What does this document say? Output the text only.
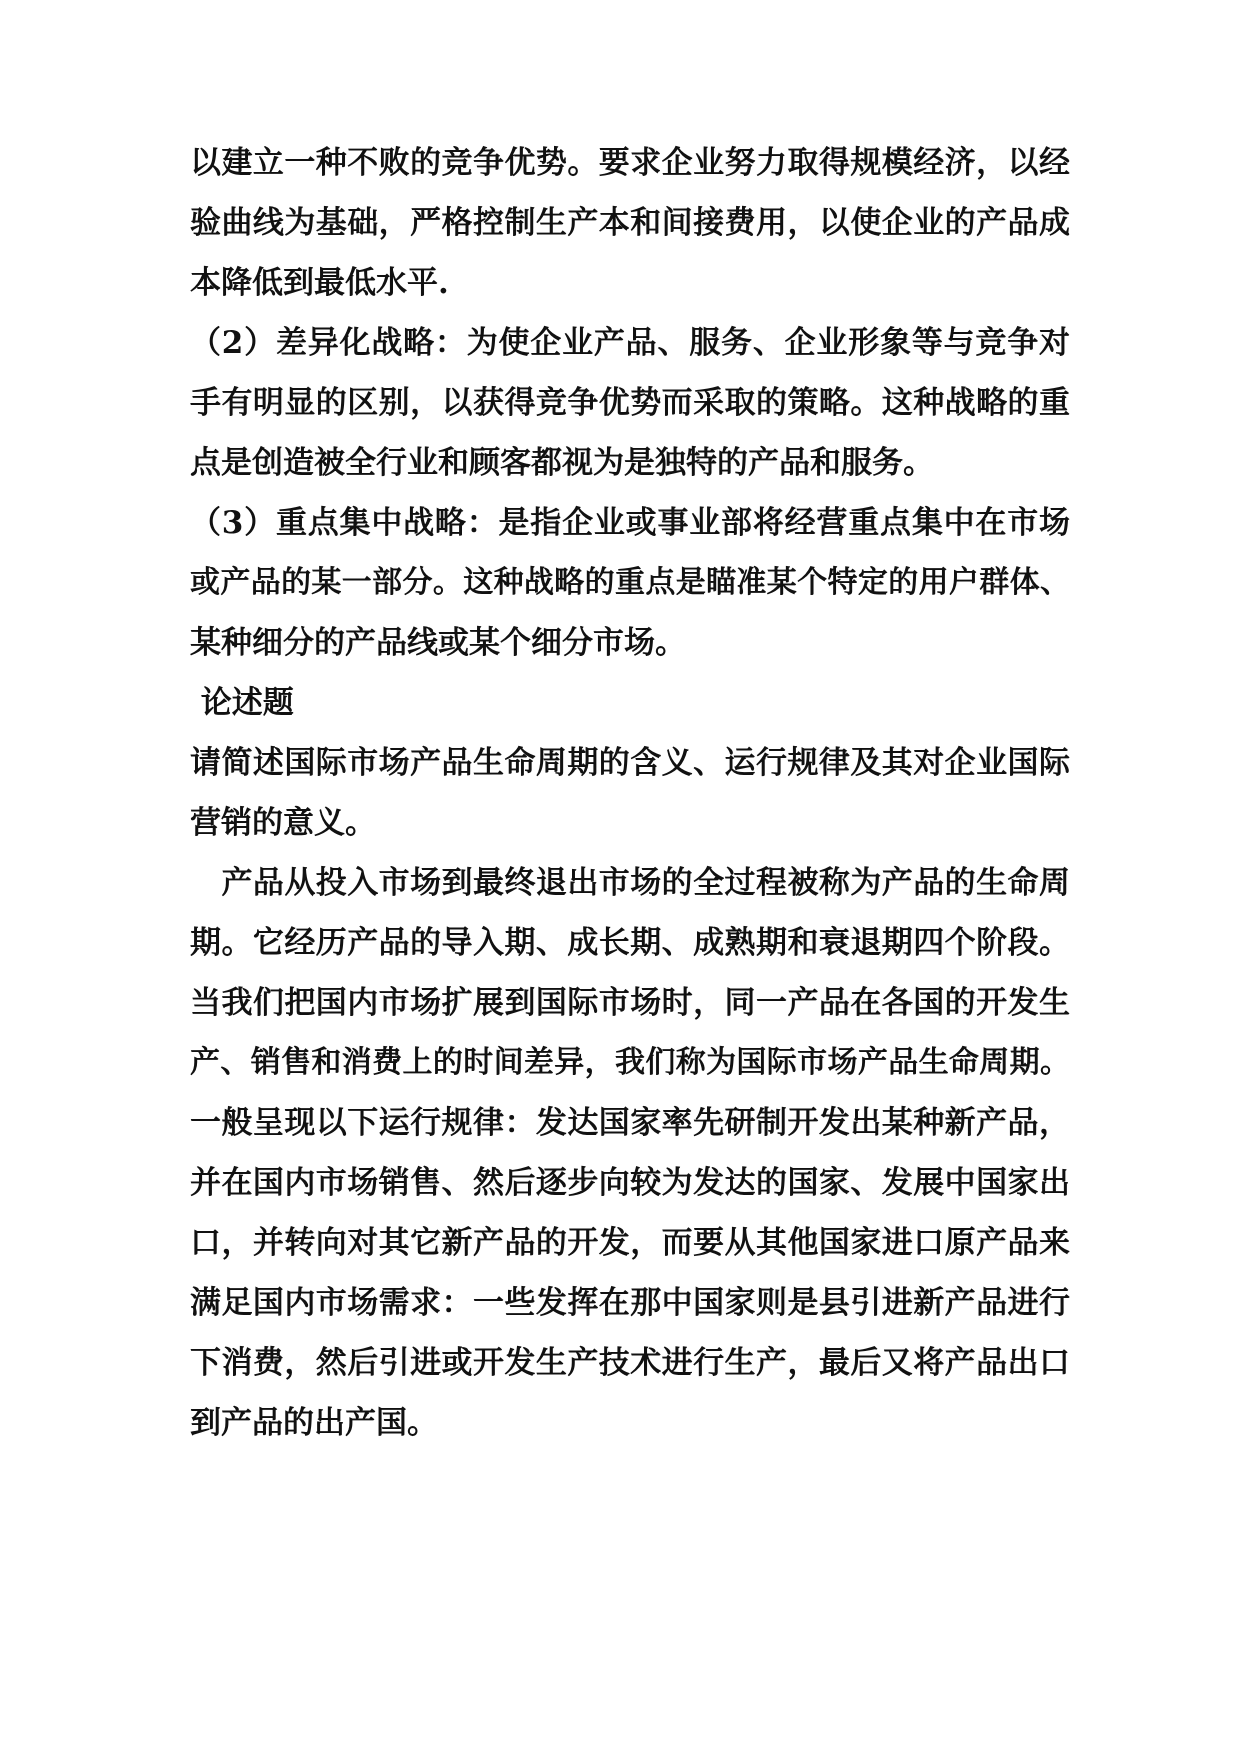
以建立一种不败的竞争优势。要求企业努力取得规模经济，以经
验曲线为基础，严格控制生产本和间接费用，以使企业的产品成
本降低到最低水平.
（2）差异化战略：为使企业产品、服务、企业形象等与竞争对
手有明显的区别，以获得竞争优势而采取的策略。这种战略的重
点是创造被全行业和顾客都视为是独特的产品和服务。
（3）重点集中战略：是指企业或事业部将经营重点集中在市场
或产品的某一部分。这种战略的重点是瞄准某个特定的用户群体、
某种细分的产品线或某个细分市场。
论述题
请简述国际市场产品生命周期的含义、运行规律及其对企业国际
营销的意义。
　产品从投入市场到最终退出市场的全过程被称为产品的生命周
期。它经历产品的导入期、成长期、成熟期和衰退期四个阶段。
当我们把国内市场扩展到国际市场时，同一产品在各国的开发生
产、销售和消费上的时间差异，我们称为国际市场产品生命周期。
一般呈现以下运行规律：发达国家率先研制开发出某种新产品，
并在国内市场销售、然后逐步向较为发达的国家、发展中国家出
口，并转向对其它新产品的开发，而要从其他国家进口原产品来
满足国内市场需求：一些发挥在那中国家则是县引进新产品进行
下消费，然后引进或开发生产技术进行生产，最后又将产品出口
到产品的出产国。
